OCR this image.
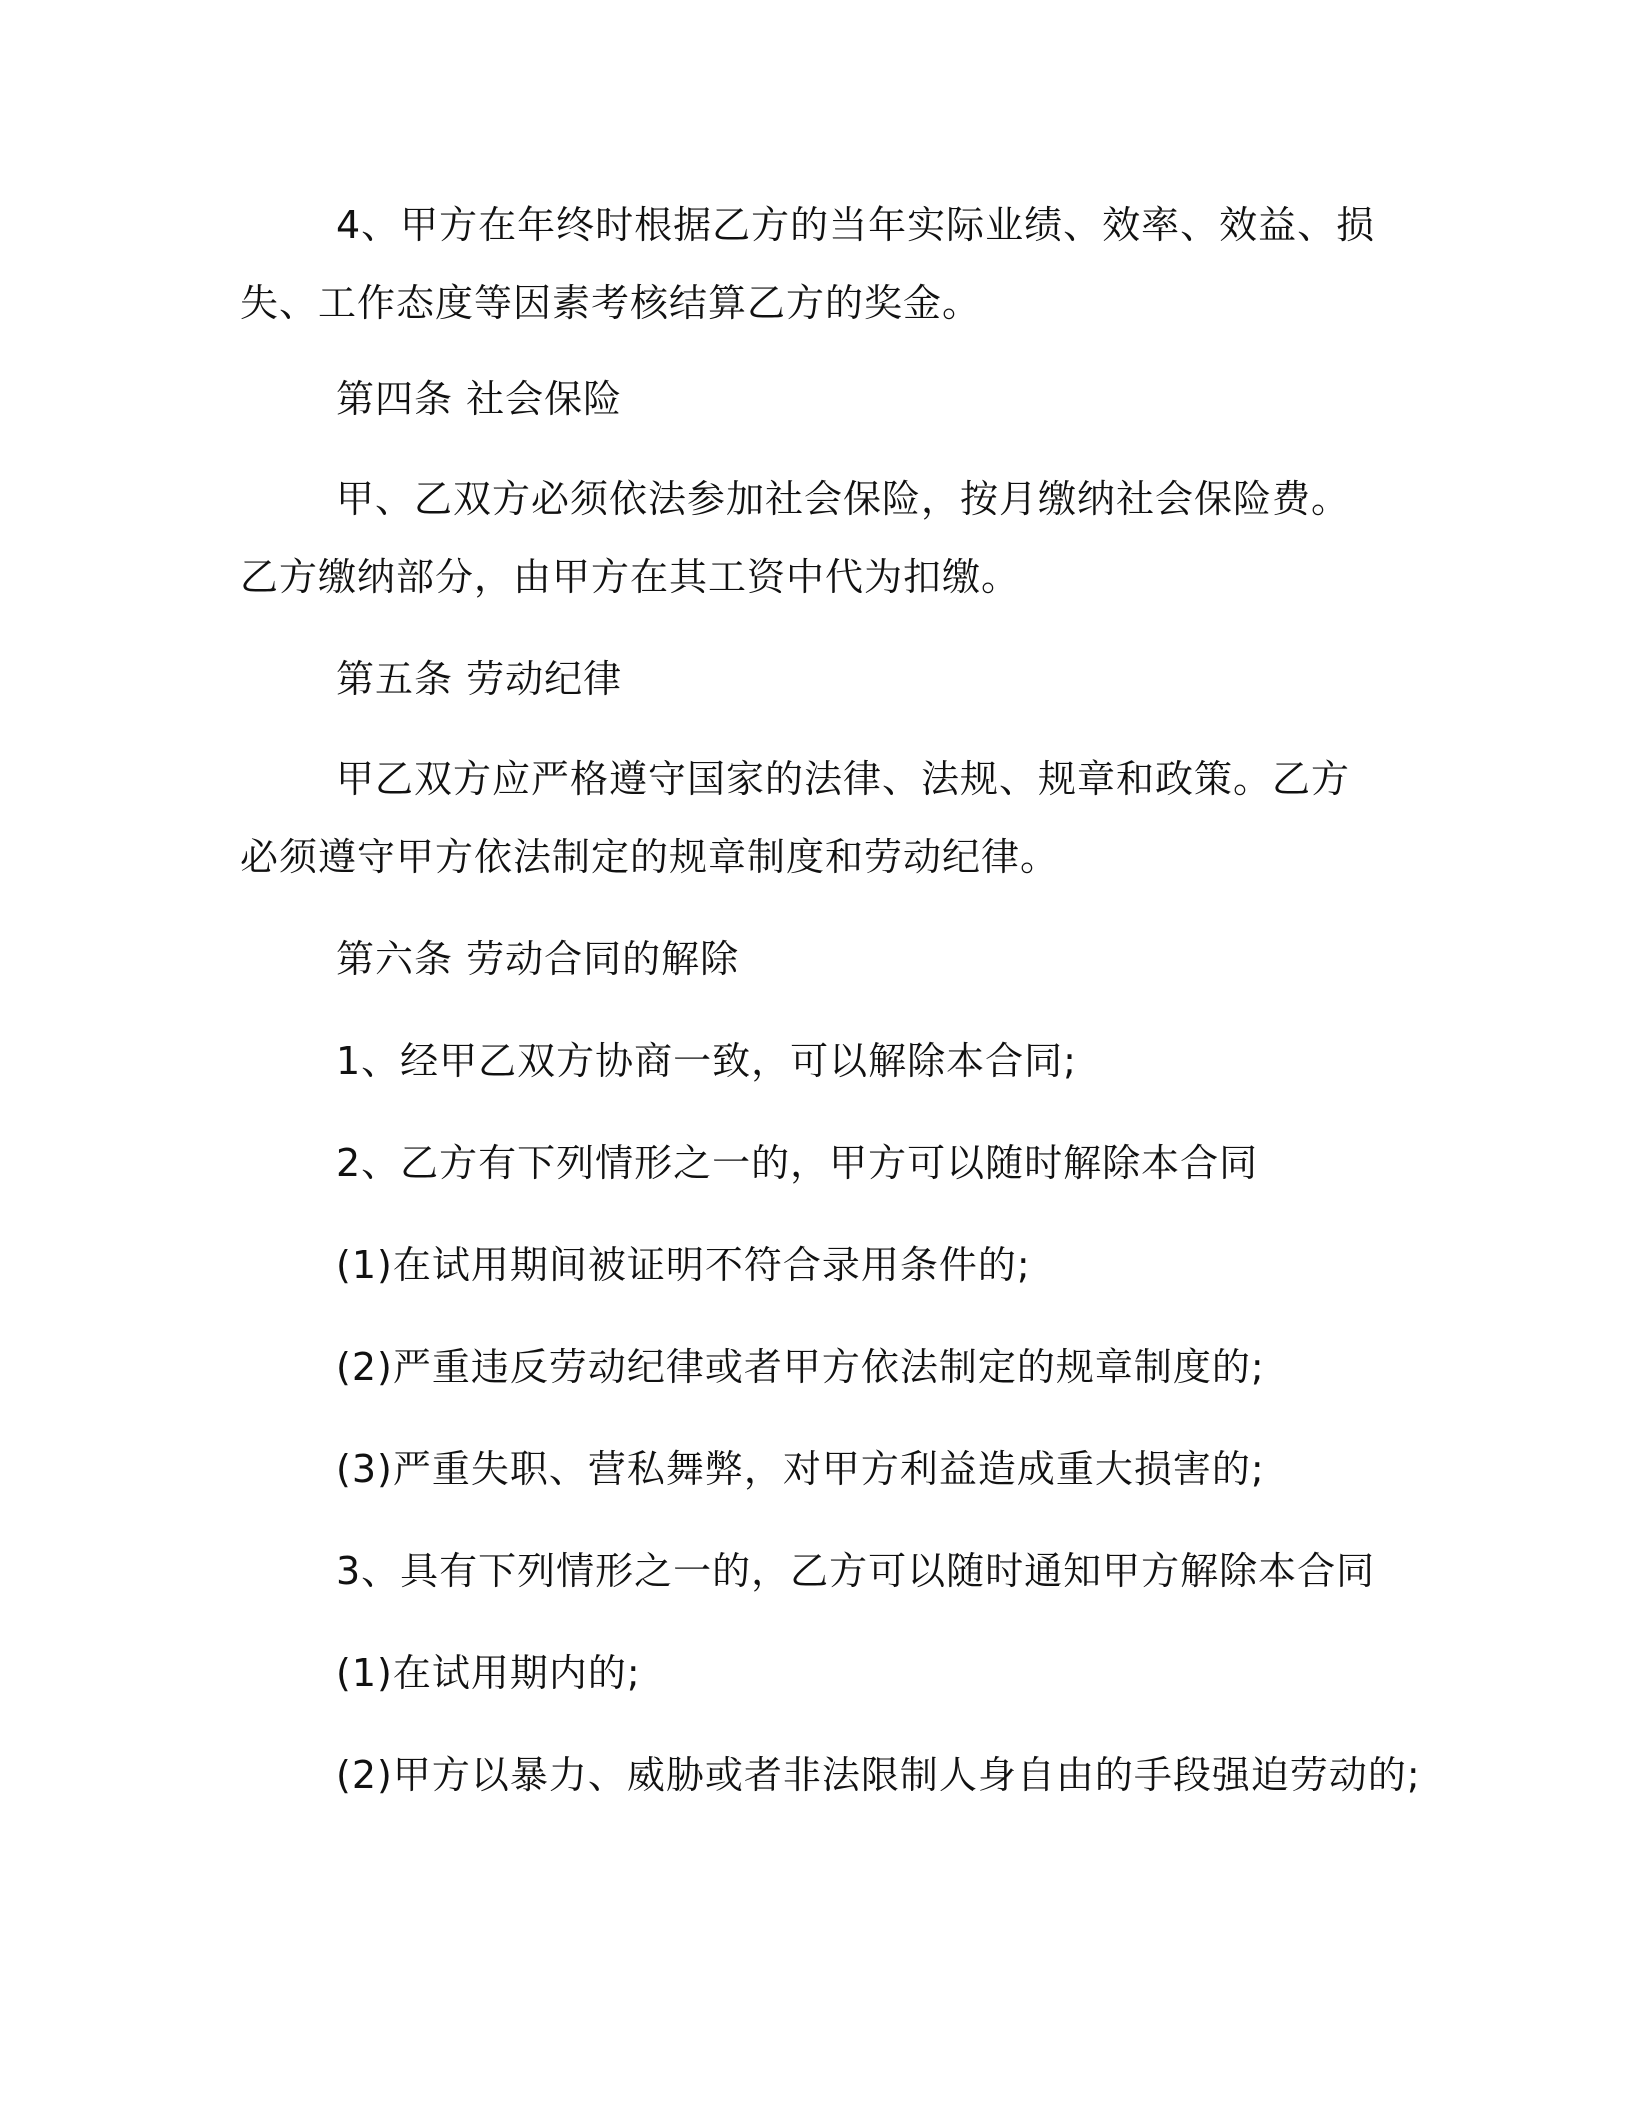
4、甲方在年终时根据乙方的当年实际业绩、效率、效益、损失、工作态度等因素考核结算乙方的奖金。

第四条 社会保险

甲、乙双方必须依法参加社会保险，按月缴纳社会保险费。乙方缴纳部分，由甲方在其工资中代为扣缴。

第五条 劳动纪律

甲乙双方应严格遵守国家的法律、法规、规章和政策。乙方必须遵守甲方依法制定的规章制度和劳动纪律。

第六条 劳动合同的解除

1、经甲乙双方协商一致，可以解除本合同;

2、乙方有下列情形之一的，甲方可以随时解除本合同

(1)在试用期间被证明不符合录用条件的;

(2)严重违反劳动纪律或者甲方依法制定的规章制度的;

(3)严重失职、营私舞弊，对甲方利益造成重大损害的;

3、具有下列情形之一的，乙方可以随时通知甲方解除本合同

(1)在试用期内的;

(2)甲方以暴力、威胁或者非法限制人身自由的手段强迫劳动的;
